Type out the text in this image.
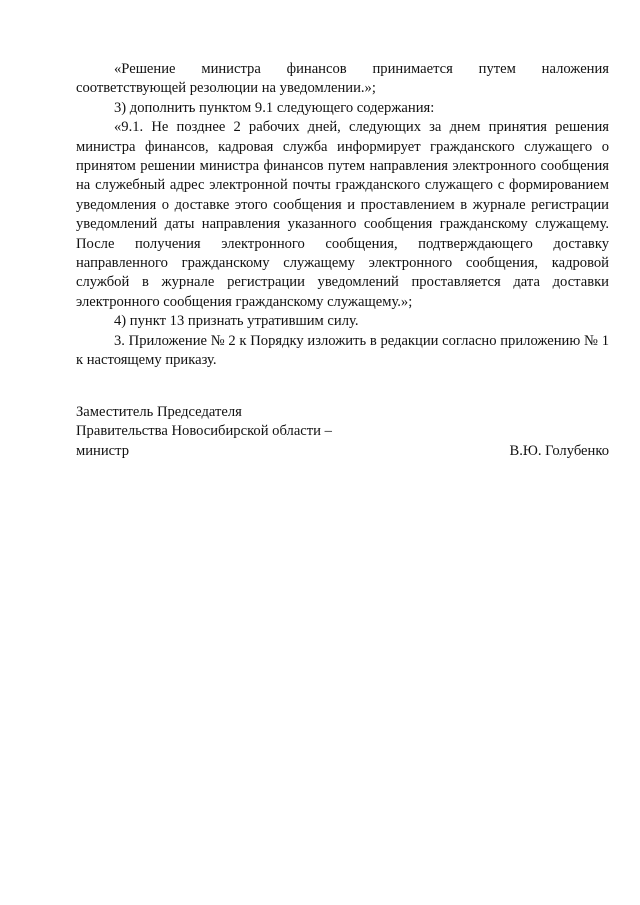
«Решение министра финансов принимается путем наложения соответствующей резолюции на уведомлении.»;

3) дополнить пунктом 9.1 следующего содержания:

«9.1. Не позднее 2 рабочих дней, следующих за днем принятия решения министра финансов, кадровая служба информирует гражданского служащего о принятом решении министра финансов путем направления электронного сообщения на служебный адрес электронной почты гражданского служащего с формированием уведомления о доставке этого сообщения и проставлением в журнале регистрации уведомлений даты направления указанного сообщения гражданскому служащему. После получения электронного сообщения, подтверждающего доставку направленного гражданскому служащему электронного сообщения, кадровой службой в журнале регистрации уведомлений проставляется дата доставки электронного сообщения гражданскому служащему.»;

4) пункт 13 признать утратившим силу.

3. Приложение № 2 к Порядку изложить в редакции согласно приложению № 1 к настоящему приказу.

Заместитель Председателя

Правительства Новосибирской области –

министр	В.Ю. Голубенко
